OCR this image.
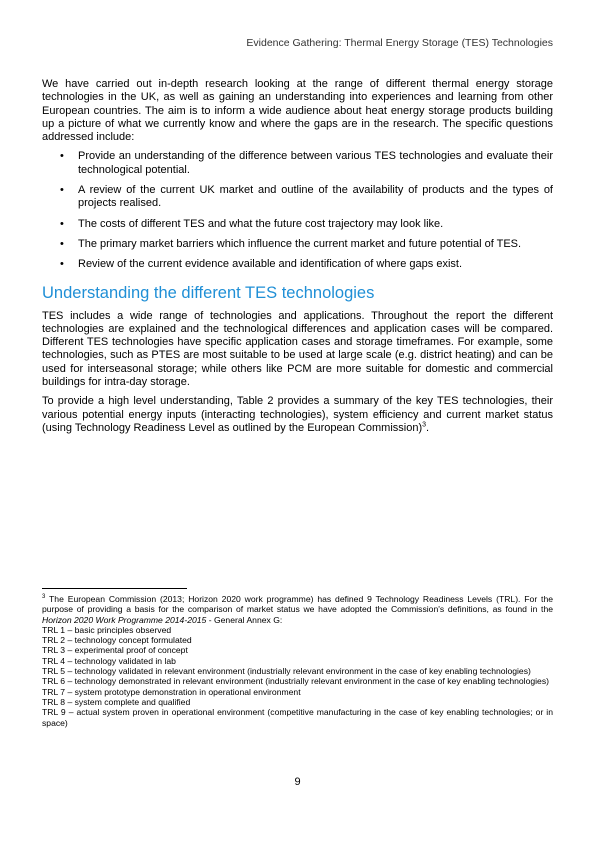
Evidence Gathering: Thermal Energy Storage (TES) Technologies

We have carried out in-depth research looking at the range of different thermal energy storage technologies in the UK, as well as gaining an understanding into experiences and learning from other European countries. The aim is to inform a wide audience about heat energy storage products building up a picture of what we currently know and where the gaps are in the research. The specific questions addressed include:

• Provide an understanding of the difference between various TES technologies and evaluate their technological potential.
• A review of the current UK market and outline of the availability of products and the types of projects realised.
• The costs of different TES and what the future cost trajectory may look like.
• The primary market barriers which influence the current market and future potential of TES.
• Review of the current evidence available and identification of where gaps exist.
Understanding the different TES technologies

TES includes a wide range of technologies and applications. Throughout the report the different technologies are explained and the technological differences and application cases will be compared. Different TES technologies have specific application cases and storage timeframes. For example, some technologies, such as PTES are most suitable to be used at large scale (e.g. district heating) and can be used for interseasonal storage; while others like PCM are more suitable for domestic and commercial buildings for intra-day storage.

To provide a high level understanding, Table 2 provides a summary of the key TES technologies, their various potential energy inputs (interacting technologies), system efficiency and current market status (using Technology Readiness Level as outlined by the European Commission)$^3$.

$^3$ The European Commission (2013; Horizon 2020 work programme) has defined 9 Technology Readiness Levels (TRL). For the purpose of providing a basis for the comparison of market status we have adopted the Commission's definitions, as found in the Horizon 2020 Work Programme 2014-2015 - General Annex G:

TRL 1 – basic principles observed

TRL 2 – technology concept formulated

TRL 3 – experimental proof of concept

TRL 4 – technology validated in lab

TRL 5 – technology validated in relevant environment (industrially relevant environment in the case of key enabling technologies)

TRL 6 – technology demonstrated in relevant environment (industrially relevant environment in the case of key enabling technologies)

TRL 7 – system prototype demonstration in operational environment

TRL 8 – system complete and qualified

TRL 9 – actual system proven in operational environment (competitive manufacturing in the case of key enabling technologies; or in space)

9
